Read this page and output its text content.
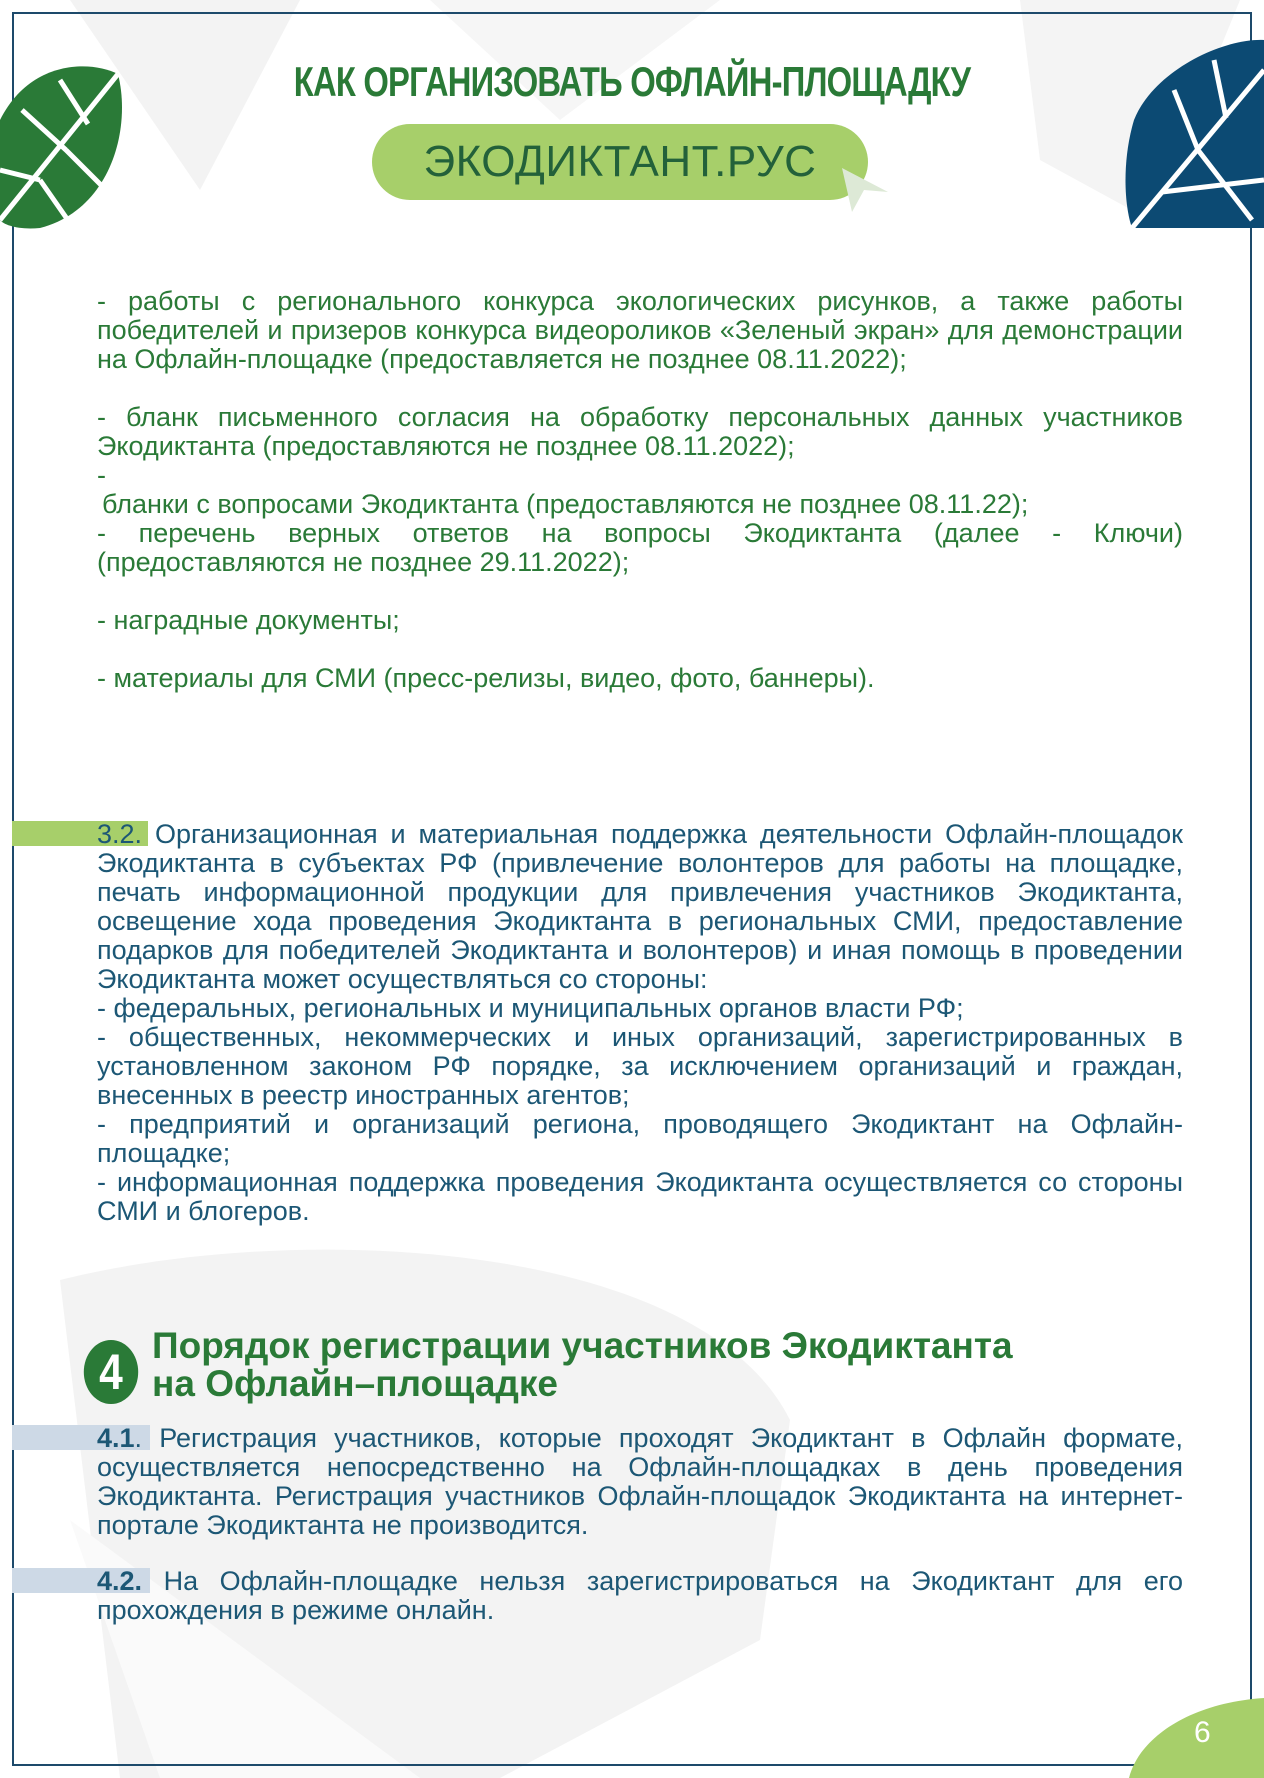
КАК ОРГАНИЗОВАТЬ ОФЛАЙН-ПЛОЩАДКУ
ЭКОДИКТАНТ.РУС

- работы с регионального конкурса экологических рисунков, а также работы победителей и призеров конкурса видеороликов «Зеленый экран» для демонстрации на Офлайн-площадке (предоставляется не позднее 08.11.2022);

- бланк письменного согласия на обработку персональных данных участников Экодиктанта (предоставляются не позднее 08.11.2022);

-

бланки с вопросами Экодиктанта (предоставляются не позднее 08.11.22);

- перечень верных ответов на вопросы Экодиктанта (далее - Ключи) (предоставляются не позднее 29.11.2022);

- наградные документы;

- материалы для СМИ (пресс-релизы, видео, фото, баннеры).

3.2. Организационная и материальная поддержка деятельности Офлайн-площадок Экодиктанта в субъектах РФ (привлечение волонтеров для работы на площадке, печать информационной продукции для привлечения участников Экодиктанта, освещение хода проведения Экодиктанта в региональных СМИ, предоставление подарков для победителей Экодиктанта и волонтеров) и иная помощь в проведении Экодиктанта может осуществляться со стороны:

- федеральных, региональных и муниципальных органов власти РФ;

- общественных, некоммерческих и иных организаций, зарегистрированных в установленном законом РФ порядке, за исключением организаций и граждан, внесенных в реестр иностранных агентов;

- предприятий и организаций региона, проводящего Экодиктант на Офлайн-площадке;

- информационная поддержка проведения Экодиктанта осуществляется со стороны СМИ и блогеров.

4 Порядок регистрации участников Экодиктанта
на Офлайн–площадке

4.1. Регистрация участников, которые проходят Экодиктант в Офлайн формате, осуществляется непосредственно на Офлайн-площадках в день проведения Экодиктанта. Регистрация участников Офлайн-площадок Экодиктанта на интернет-портале Экодиктанта не производится.

4.2. На Офлайн-площадке нельзя зарегистрироваться на Экодиктант для его прохождения в режиме онлайн.

6
